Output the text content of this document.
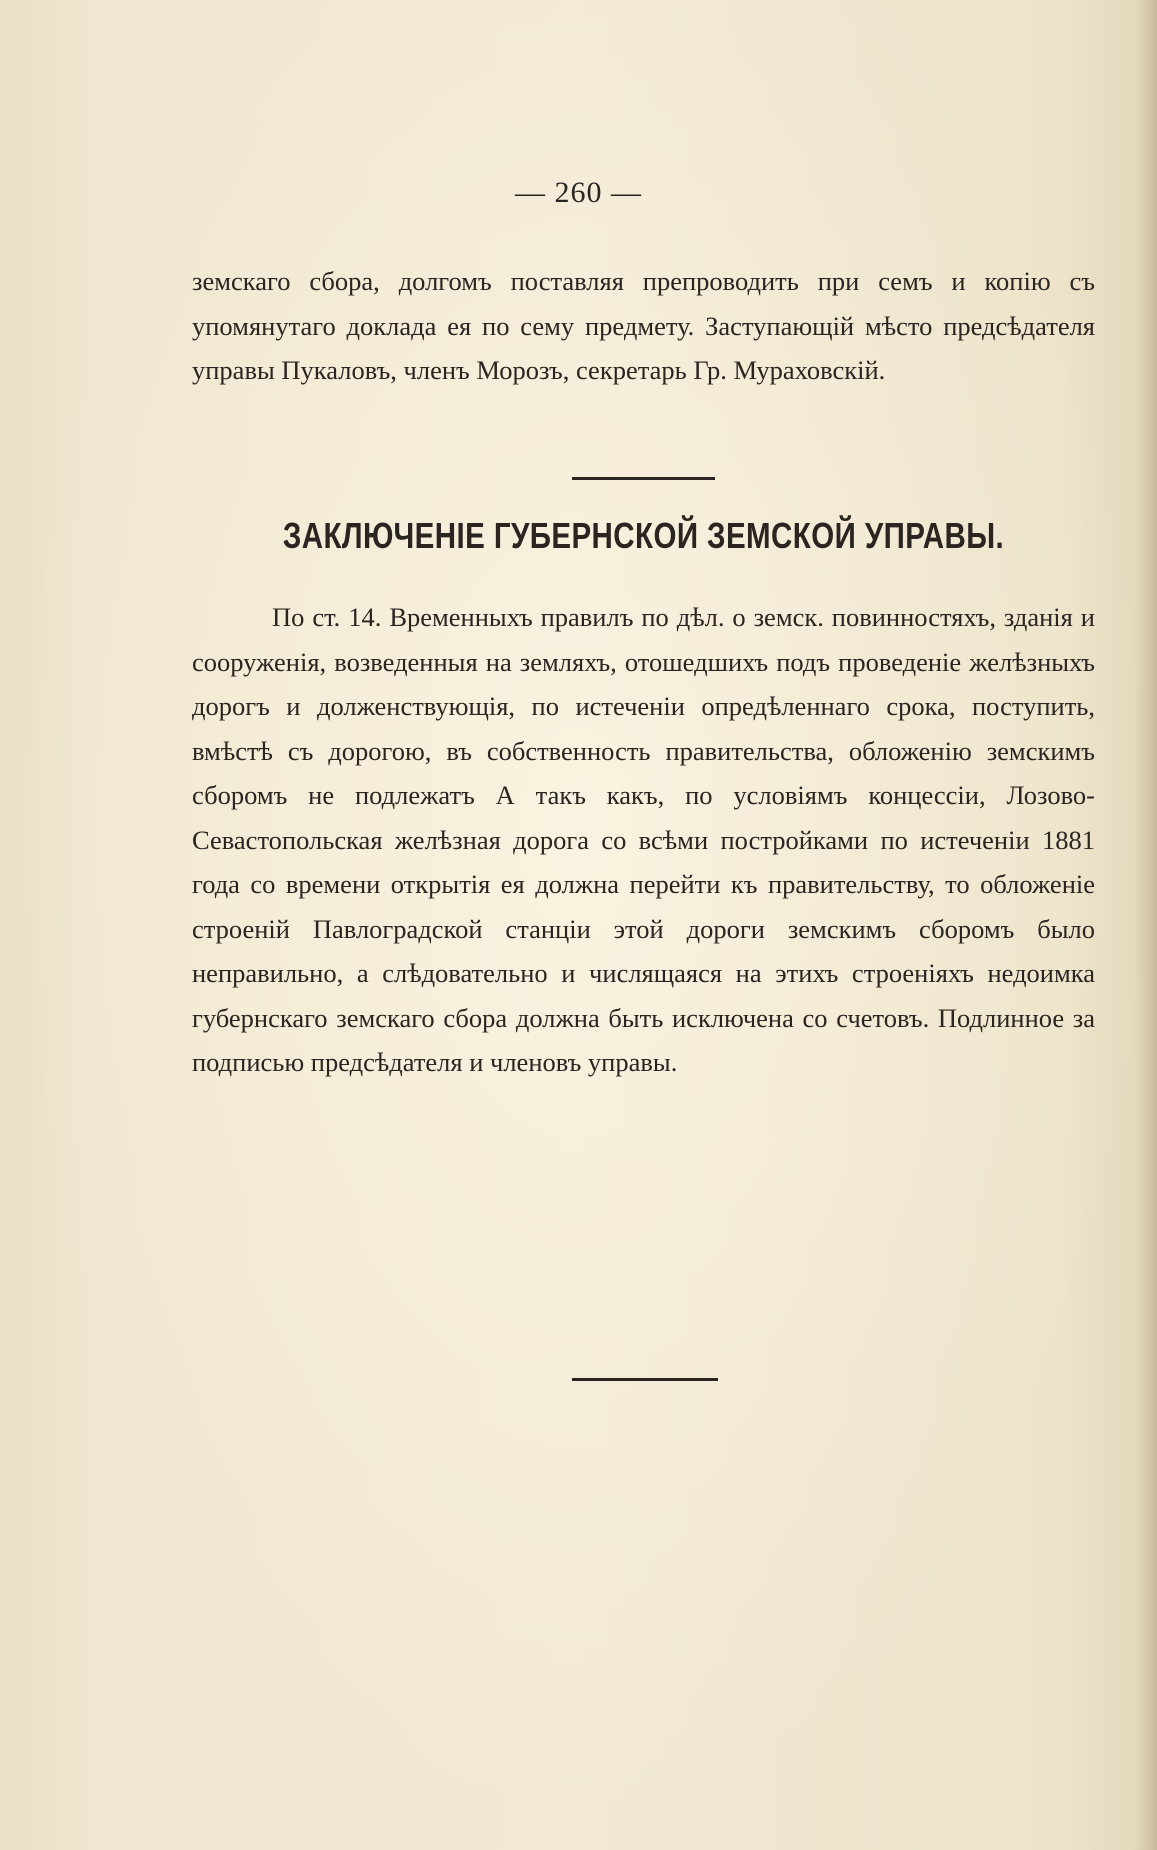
— 260 —
земскаго сбора, долгомъ поставляя препроводить при семъ и копію съ упомянутаго доклада ея по сему предмету. Заступающій мѣсто предсѣдателя управы Пукаловъ, членъ Морозъ, секретарь Гр. Мураховскій.
ЗАКЛЮЧЕНІЕ ГУБЕРНСКОЙ ЗЕМСКОЙ УПРАВЫ.
По ст. 14. Временныхъ правилъ по дѣл. о земск. повинностяхъ, зданія и сооруженія, возведенныя на земляхъ, отошедшихъ подъ проведеніе желѣзныхъ дорогъ и долженствующія, по истеченіи опредѣленнаго срока, поступить, вмѣстѣ съ дорогою, въ собственность правительства, обложенію земскимъ сборомъ не подлежатъ А такъ какъ, по условіямъ концессіи, Лозово-Севастопольская желѣзная дорога со всѣми постройками по истеченіи 1881 года со времени открытія ея должна перейти къ правительству, то обложеніе строеній Павлоградской станціи этой дороги земскимъ сборомъ было неправильно, а слѣдовательно и числящаяся на этихъ строеніяхъ недоимка губернскаго земскаго сбора должна быть исключена со счетовъ. Подлинное за подписью предсѣдателя и членовъ управы.
